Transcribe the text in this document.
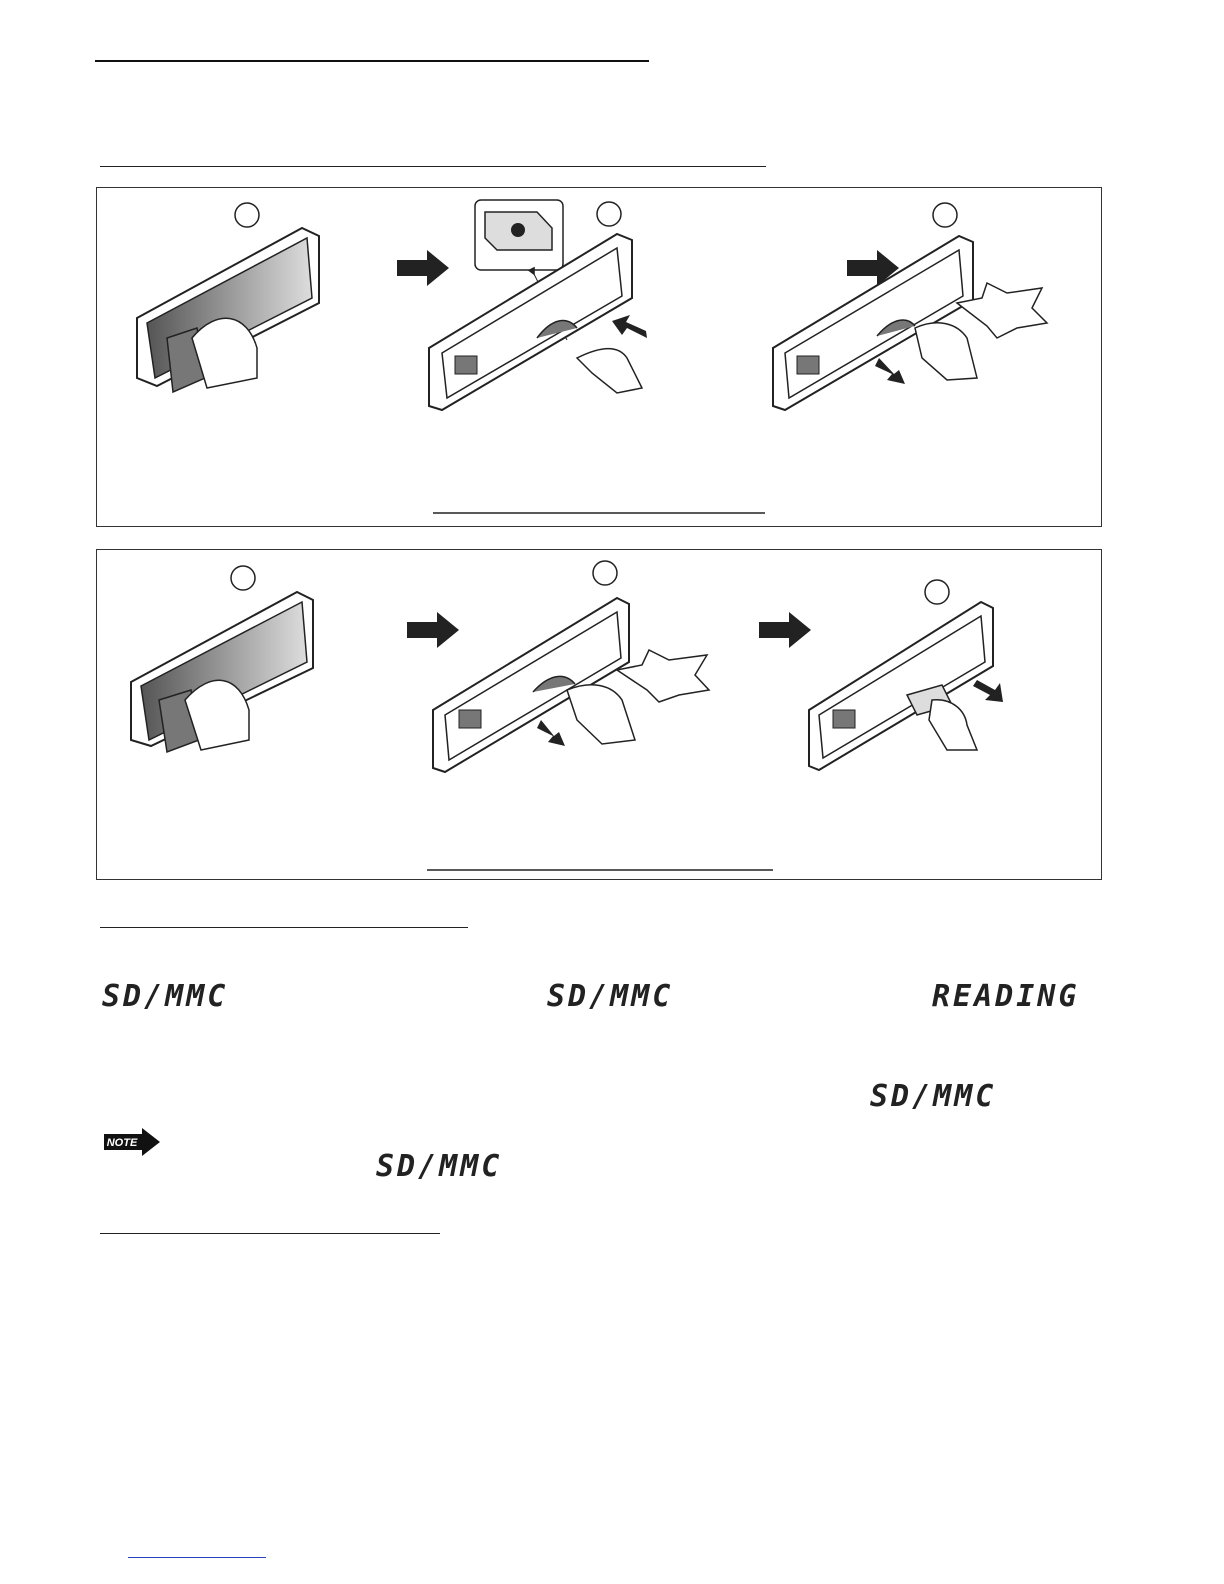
SD/MMC	SD/MMC	READING
SD/MMC
NOTE
SD/MMC
